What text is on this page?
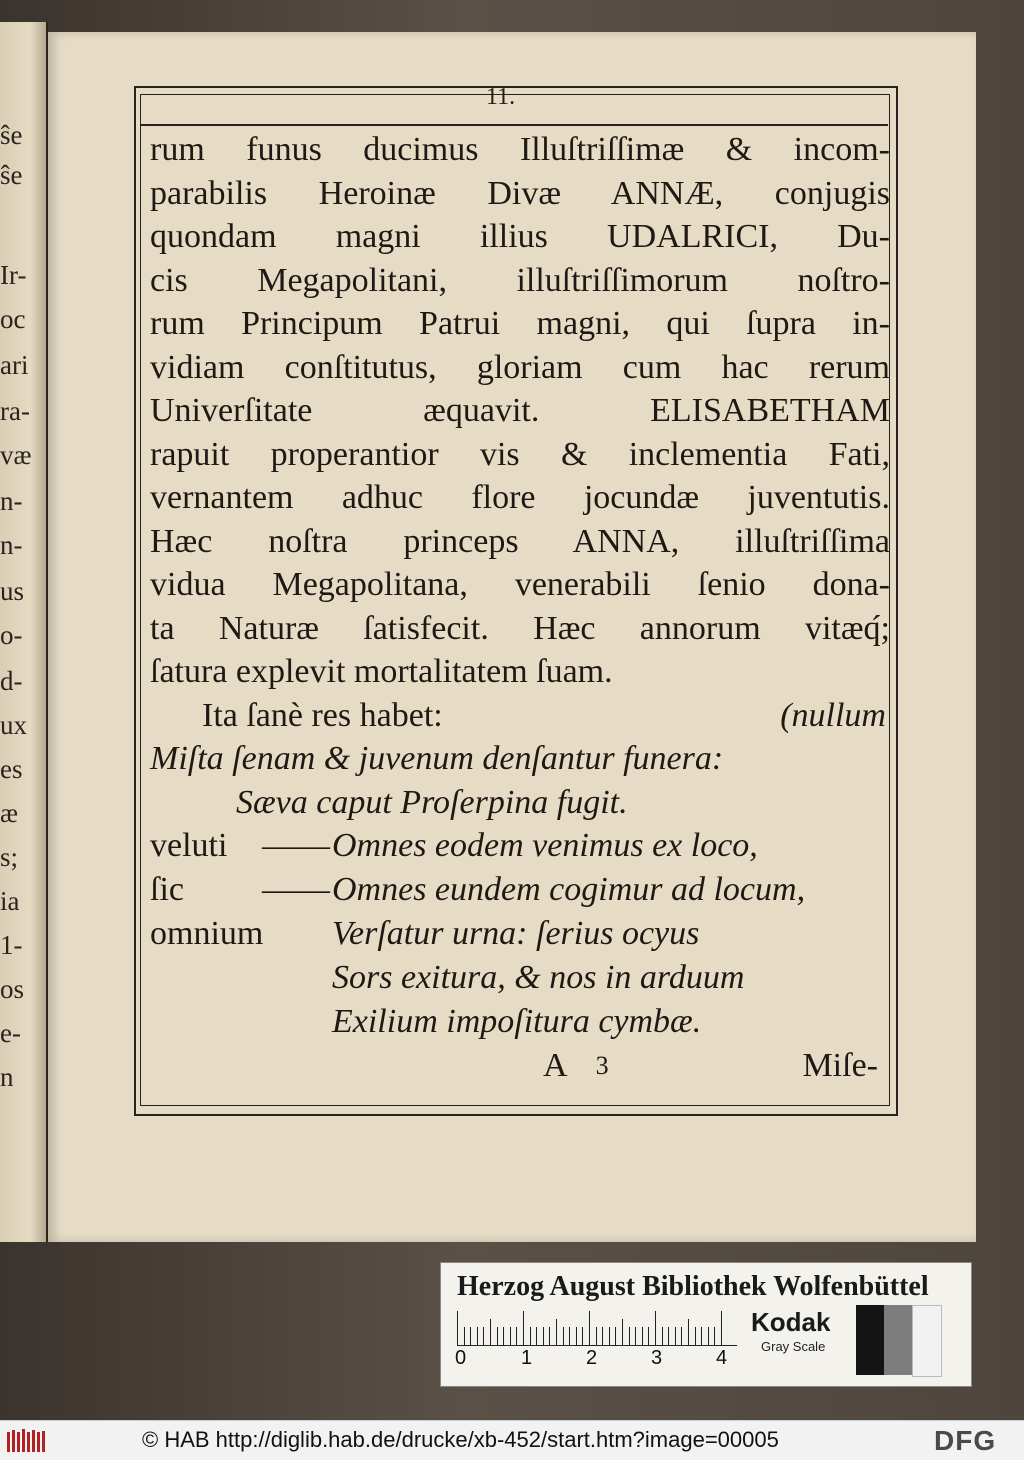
ŝe
ŝe
Ir-
oc
ari
ra-
væ
n-
n-
us
o-
d-
ux
es
æ
s;
ia
1-
os
e-
n
11.
rum funus ducimus Illuſtriſſimæ & incom-
parabilis Heroinæ Divæ ANNÆ, conjugis
quondam magni illius UDALRICI, Du-
cis Megapolitani, illuſtriſſimorum noſtro-
rum Principum Patrui magni, qui ſupra in-
vidiam conſtitutus, gloriam cum hac rerum
Univerſitate æquavit. ELISABETHAM
rapuit properantior vis & inclementia Fati,
vernantem adhuc flore jocundæ juventutis.
Hæc noſtra princeps ANNA, illuſtriſſima
vidua Megapolitana, venerabili ſenio dona-
ta Naturæ ſatisfecit. Hæc annorum vitæq́;
ſatura explevit mortalitatem ſuam.
Ita ſanè res habet:	(nullum
Miſta ſenam & juvenum denſantur funera:
Sæva caput Proſerpina fugit.
veluti	—— Omnes eodem venimus ex loco,
ſic	—— Omnes eundem cogimur ad locum,
omnium Verſatur urna: ſerius ocyus
Sors exitura, & nos in arduum
Exilium impoſitura cymbæ.
A 3	Miſe-
Herzog August Bibliothek Wolfenbüttel
0	1	2	3	4
Kodak
Gray Scale
© HAB http://diglib.hab.de/drucke/xb-452/start.htm?image=00005	DFG
